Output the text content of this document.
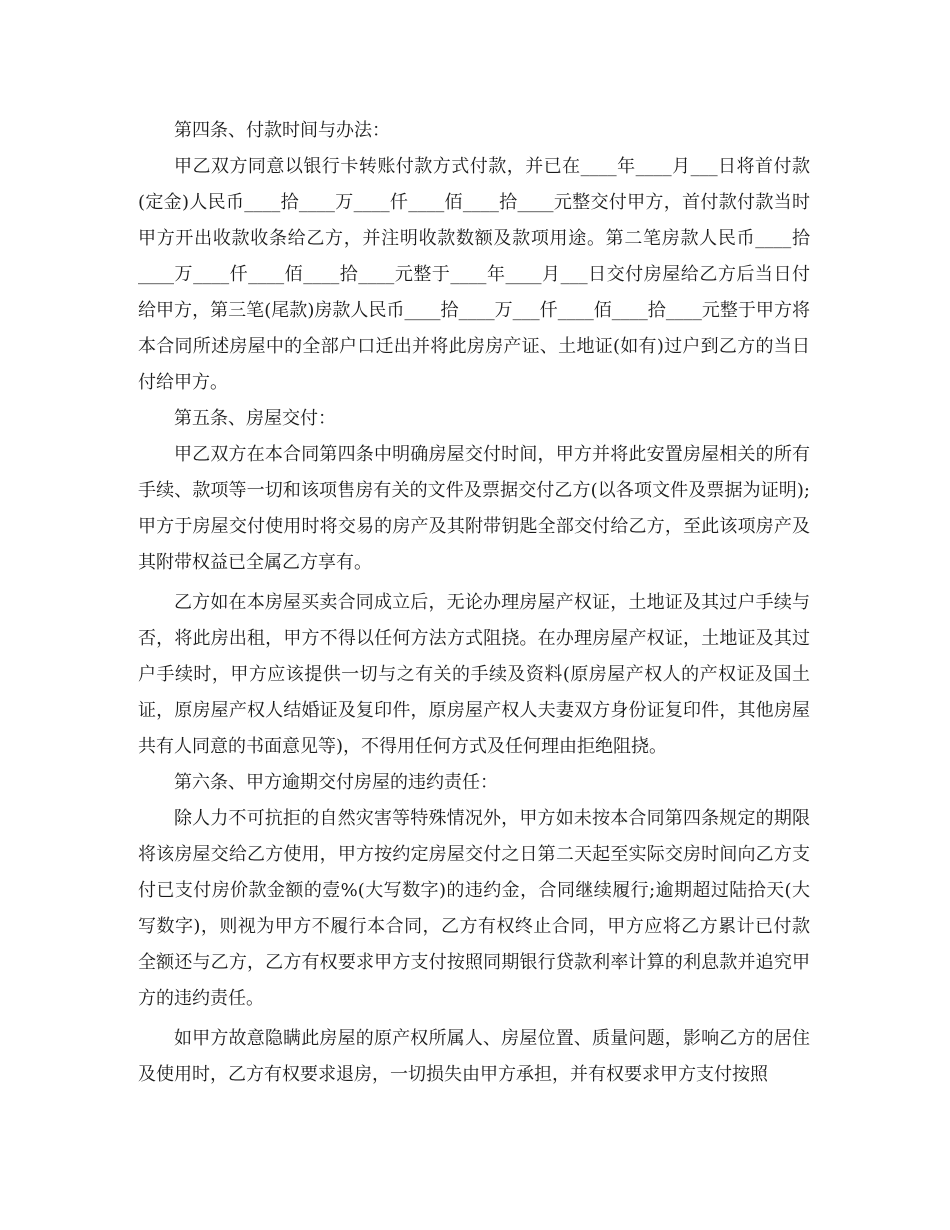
第四条、付款时间与办法：

甲乙双方同意以银行卡转账付款方式付款，并已在____年____月___日将首付款(定金)人民币____拾____万____仟____佰____拾____元整交付甲方，首付款付款当时甲方开出收款收条给乙方，并注明收款数额及款项用途。第二笔房款人民币____拾____万____仟____佰____拾____元整于____年____月___日交付房屋给乙方后当日付给甲方，第三笔(尾款)房款人民币____拾____万___仟____佰____拾____元整于甲方将本合同所述房屋中的全部户口迁出并将此房房产证、土地证(如有)过户到乙方的当日付给甲方。

第五条、房屋交付：

甲乙双方在本合同第四条中明确房屋交付时间，甲方并将此安置房屋相关的所有手续、款项等一切和该项售房有关的文件及票据交付乙方(以各项文件及票据为证明);甲方于房屋交付使用时将交易的房产及其附带钥匙全部交付给乙方，至此该项房产及其附带权益已全属乙方享有。

乙方如在本房屋买卖合同成立后，无论办理房屋产权证，土地证及其过户手续与否，将此房出租，甲方不得以任何方法方式阻挠。在办理房屋产权证，土地证及其过户手续时，甲方应该提供一切与之有关的手续及资料(原房屋产权人的产权证及国土证，原房屋产权人结婚证及复印件，原房屋产权人夫妻双方身份证复印件，其他房屋共有人同意的书面意见等)，不得用任何方式及任何理由拒绝阻挠。

第六条、甲方逾期交付房屋的违约责任：

除人力不可抗拒的自然灾害等特殊情况外，甲方如未按本合同第四条规定的期限将该房屋交给乙方使用，甲方按约定房屋交付之日第二天起至实际交房时间向乙方支付已支付房价款金额的壹%(大写数字)的违约金，合同继续履行;逾期超过陆拾天(大写数字)，则视为甲方不履行本合同，乙方有权终止合同，甲方应将乙方累计已付款全额还与乙方，乙方有权要求甲方支付按照同期银行贷款利率计算的利息款并追究甲方的违约责任。

如甲方故意隐瞒此房屋的原产权所属人、房屋位置、质量问题，影响乙方的居住及使用时，乙方有权要求退房，一切损失由甲方承担，并有权要求甲方支付按照
